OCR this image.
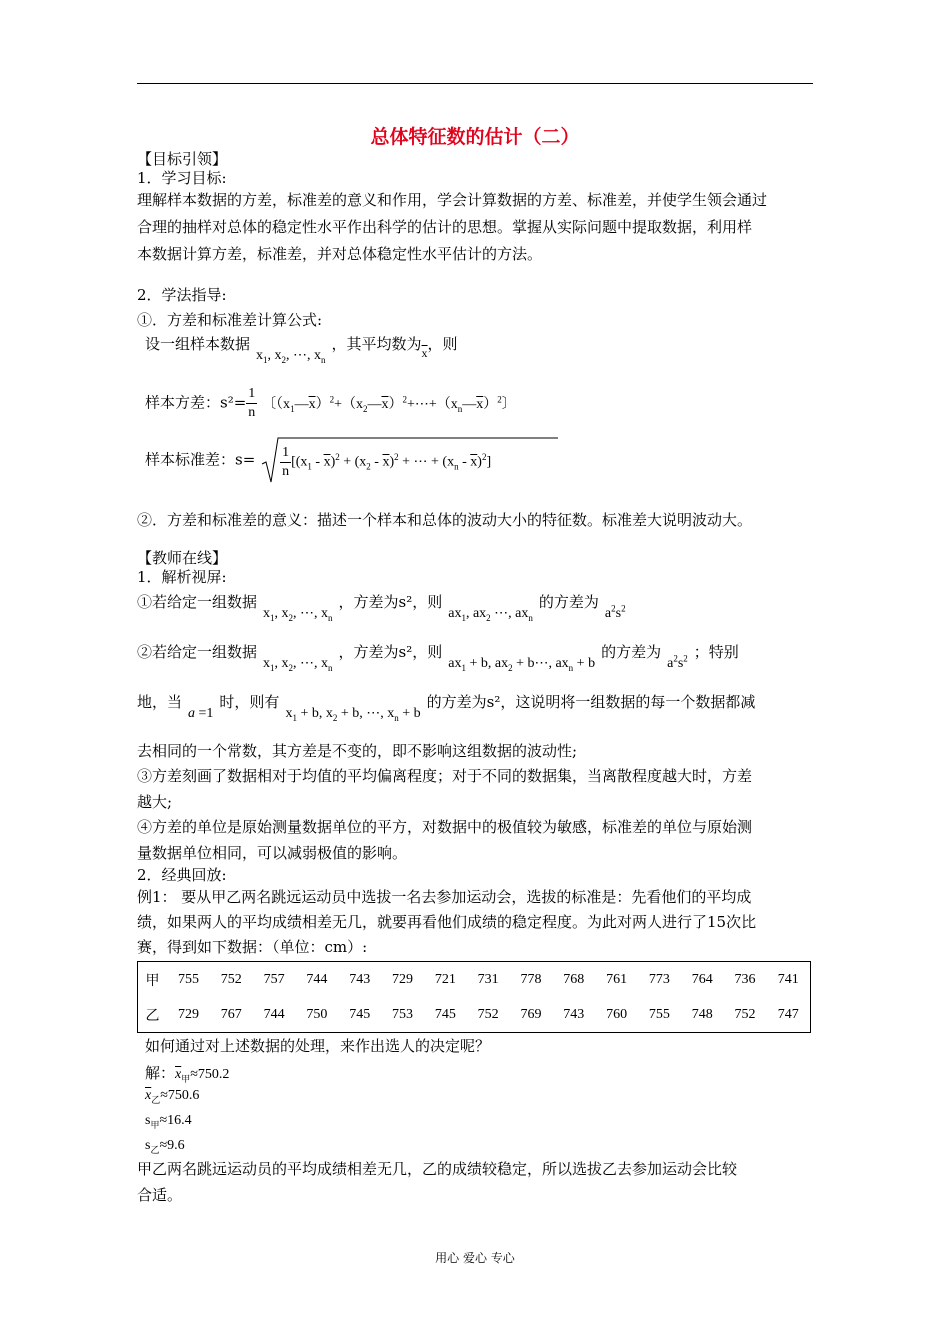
总体特征数的估计（二）
【目标引领】
1．学习目标:
理解样本数据的方差，标准差的意义和作用，学会计算数据的方差、标准差，并使学生领会通过
合理的抽样对总体的稳定性水平作出科学的估计的思想。掌握从实际问题中提取数据，利用样
本数据计算方差，标准差，并对总体稳定性水平估计的方法。
2．学法指导:
①．方差和标准差计算公式:
设一组样本数据$x_1$, $x_2$, ⋯, $x_n$，其平均数为$_{\overline{x}}$，则
样本方差：$s^2= \frac{1}{n}$ 〔$(x_1—\overline{x})^2+(x_2—\overline{x})^2+\cdots+(x_n—\overline{x})^2$〕
样本标准差：$s= \frac{1}{n} [(x_1 - \overline{x})^2 + (x_2 - \overline{x})^2$ + ⋯ + $(x_n - \overline{x})^2$]
②．方差和标准差的意义：描述一个样本和总体的波动大小的特征数。标准差大说明波动大。
【教师在线】
1．解析视屏:
①若给定一组数据$x_1$, $x_2$, ⋯, $x_n$，方差为s²，则$ax_1$, $ax_2$ ⋯, $ax_n$的方差为$a^2s^2$
②若给定一组数据$x_1$, $x_2$, ⋯, $x_n$，方差为s²，则$ax_1 + b$, $ax_2$ + b⋯, $ax_n + b$的方差为$a^2s^2$ ；特别
地，当a =1时，则有$x_1 + b$, $x_2 + b$, ⋯, $x_n + b$的方差为s²，这说明将一组数据的每一个数据都减
去相同的一个常数，其方差是不变的，即不影响这组数据的波动性;
③方差刻画了数据相对于均值的平均偏离程度；对于不同的数据集，当离散程度越大时，方差
越大;
④方差的单位是原始测量数据单位的平方，对数据中的极值较为敏感，标准差的单位与原始测
量数据单位相同，可以减弱极值的影响。
2．经典回放:
例1： 要从甲乙两名跳远运动员中选拔一名去参加运动会，选拔的标准是：先看他们的平均成
绩，如果两人的平均成绩相差无几，就要再看他们成绩的稳定程度。为此对两人进行了15次比
赛，得到如下数据：（单位：cm）:
甲	755	752	757	744	743	729	721	731	778	768	761	773	764	736	741
乙	729	767	744	750	745	753	745	752	769	743	760	755	748	752	747
如何通过对上述数据的处理，来作出选人的决定呢？
解：$\overline{x}_甲\approx 750.2$
$\overline{x}_乙\approx 750.6$
$s_甲\approx 16.4$
$s_乙\approx 9.6$
甲乙两名跳远运动员的平均成绩相差无几，乙的成绩较稳定，所以选拔乙去参加运动会比较
合适。
用心 爱心 专心
